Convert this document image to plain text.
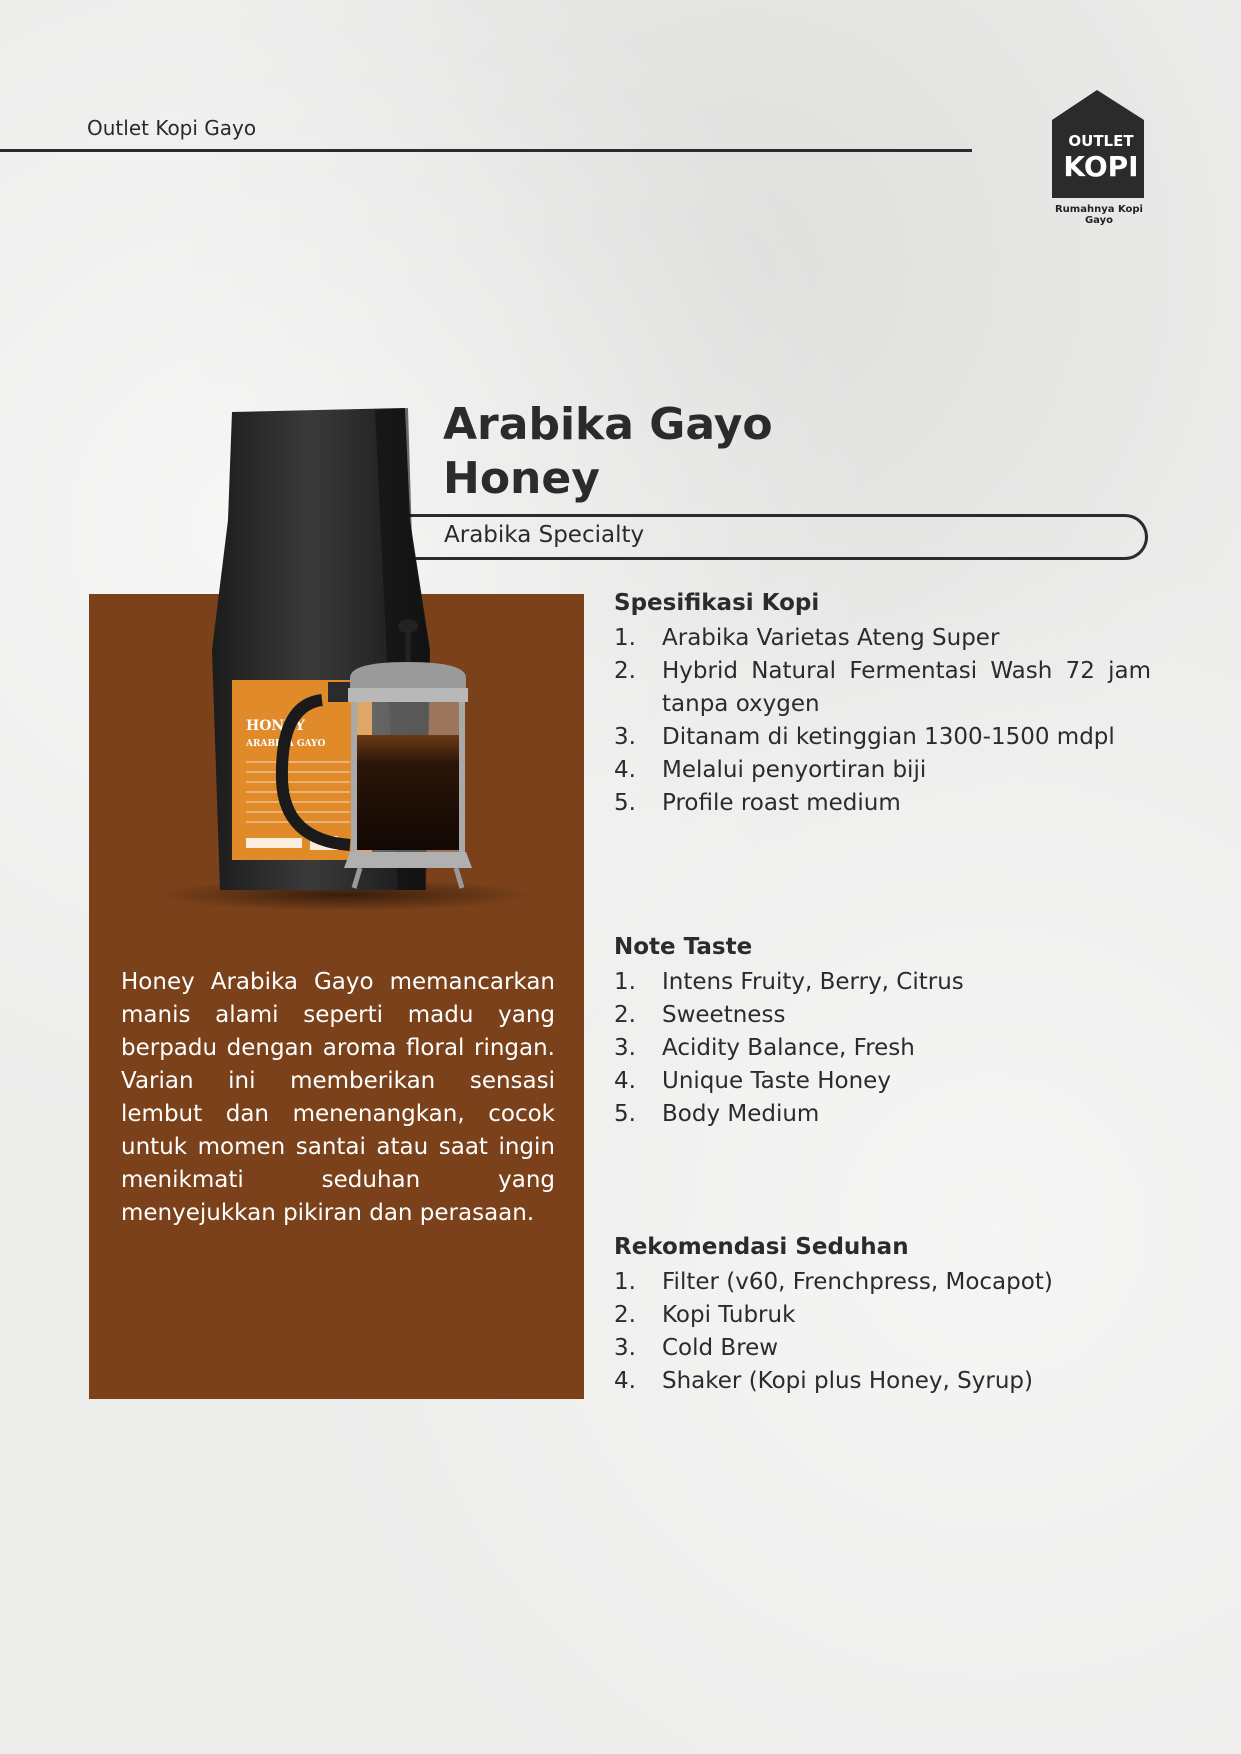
Outlet Kopi Gayo
OUTLET
KOPI
Rumahnya Kopi Gayo
Arabika Gayo
Honey
Arabika Specialty
HONEY
ARABIKA GAYO
Honey Arabika Gayo memancarkan manis alami seperti madu yang berpadu dengan aroma floral ringan. Varian ini memberikan sensasi lembut dan menenangkan, cocok untuk momen santai atau saat ingin menikmati seduhan yang menyejukkan pikiran dan perasaan.
Spesifikasi Kopi
1.	Arabika Varietas Ateng Super
2.	Hybrid Natural Fermentasi Wash 72 jam tanpa oxygen
3.	Ditanam di ketinggian 1300-1500 mdpl
4.	Melalui penyortiran biji
5.	Profile roast medium
Note Taste
1.	Intens Fruity, Berry, Citrus
2.	Sweetness
3.	Acidity Balance, Fresh
4.	Unique Taste Honey
5.	Body Medium
Rekomendasi Seduhan
1.	Filter (v60, Frenchpress, Mocapot)
2.	Kopi Tubruk
3.	Cold Brew
4.	Shaker (Kopi plus Honey, Syrup)
